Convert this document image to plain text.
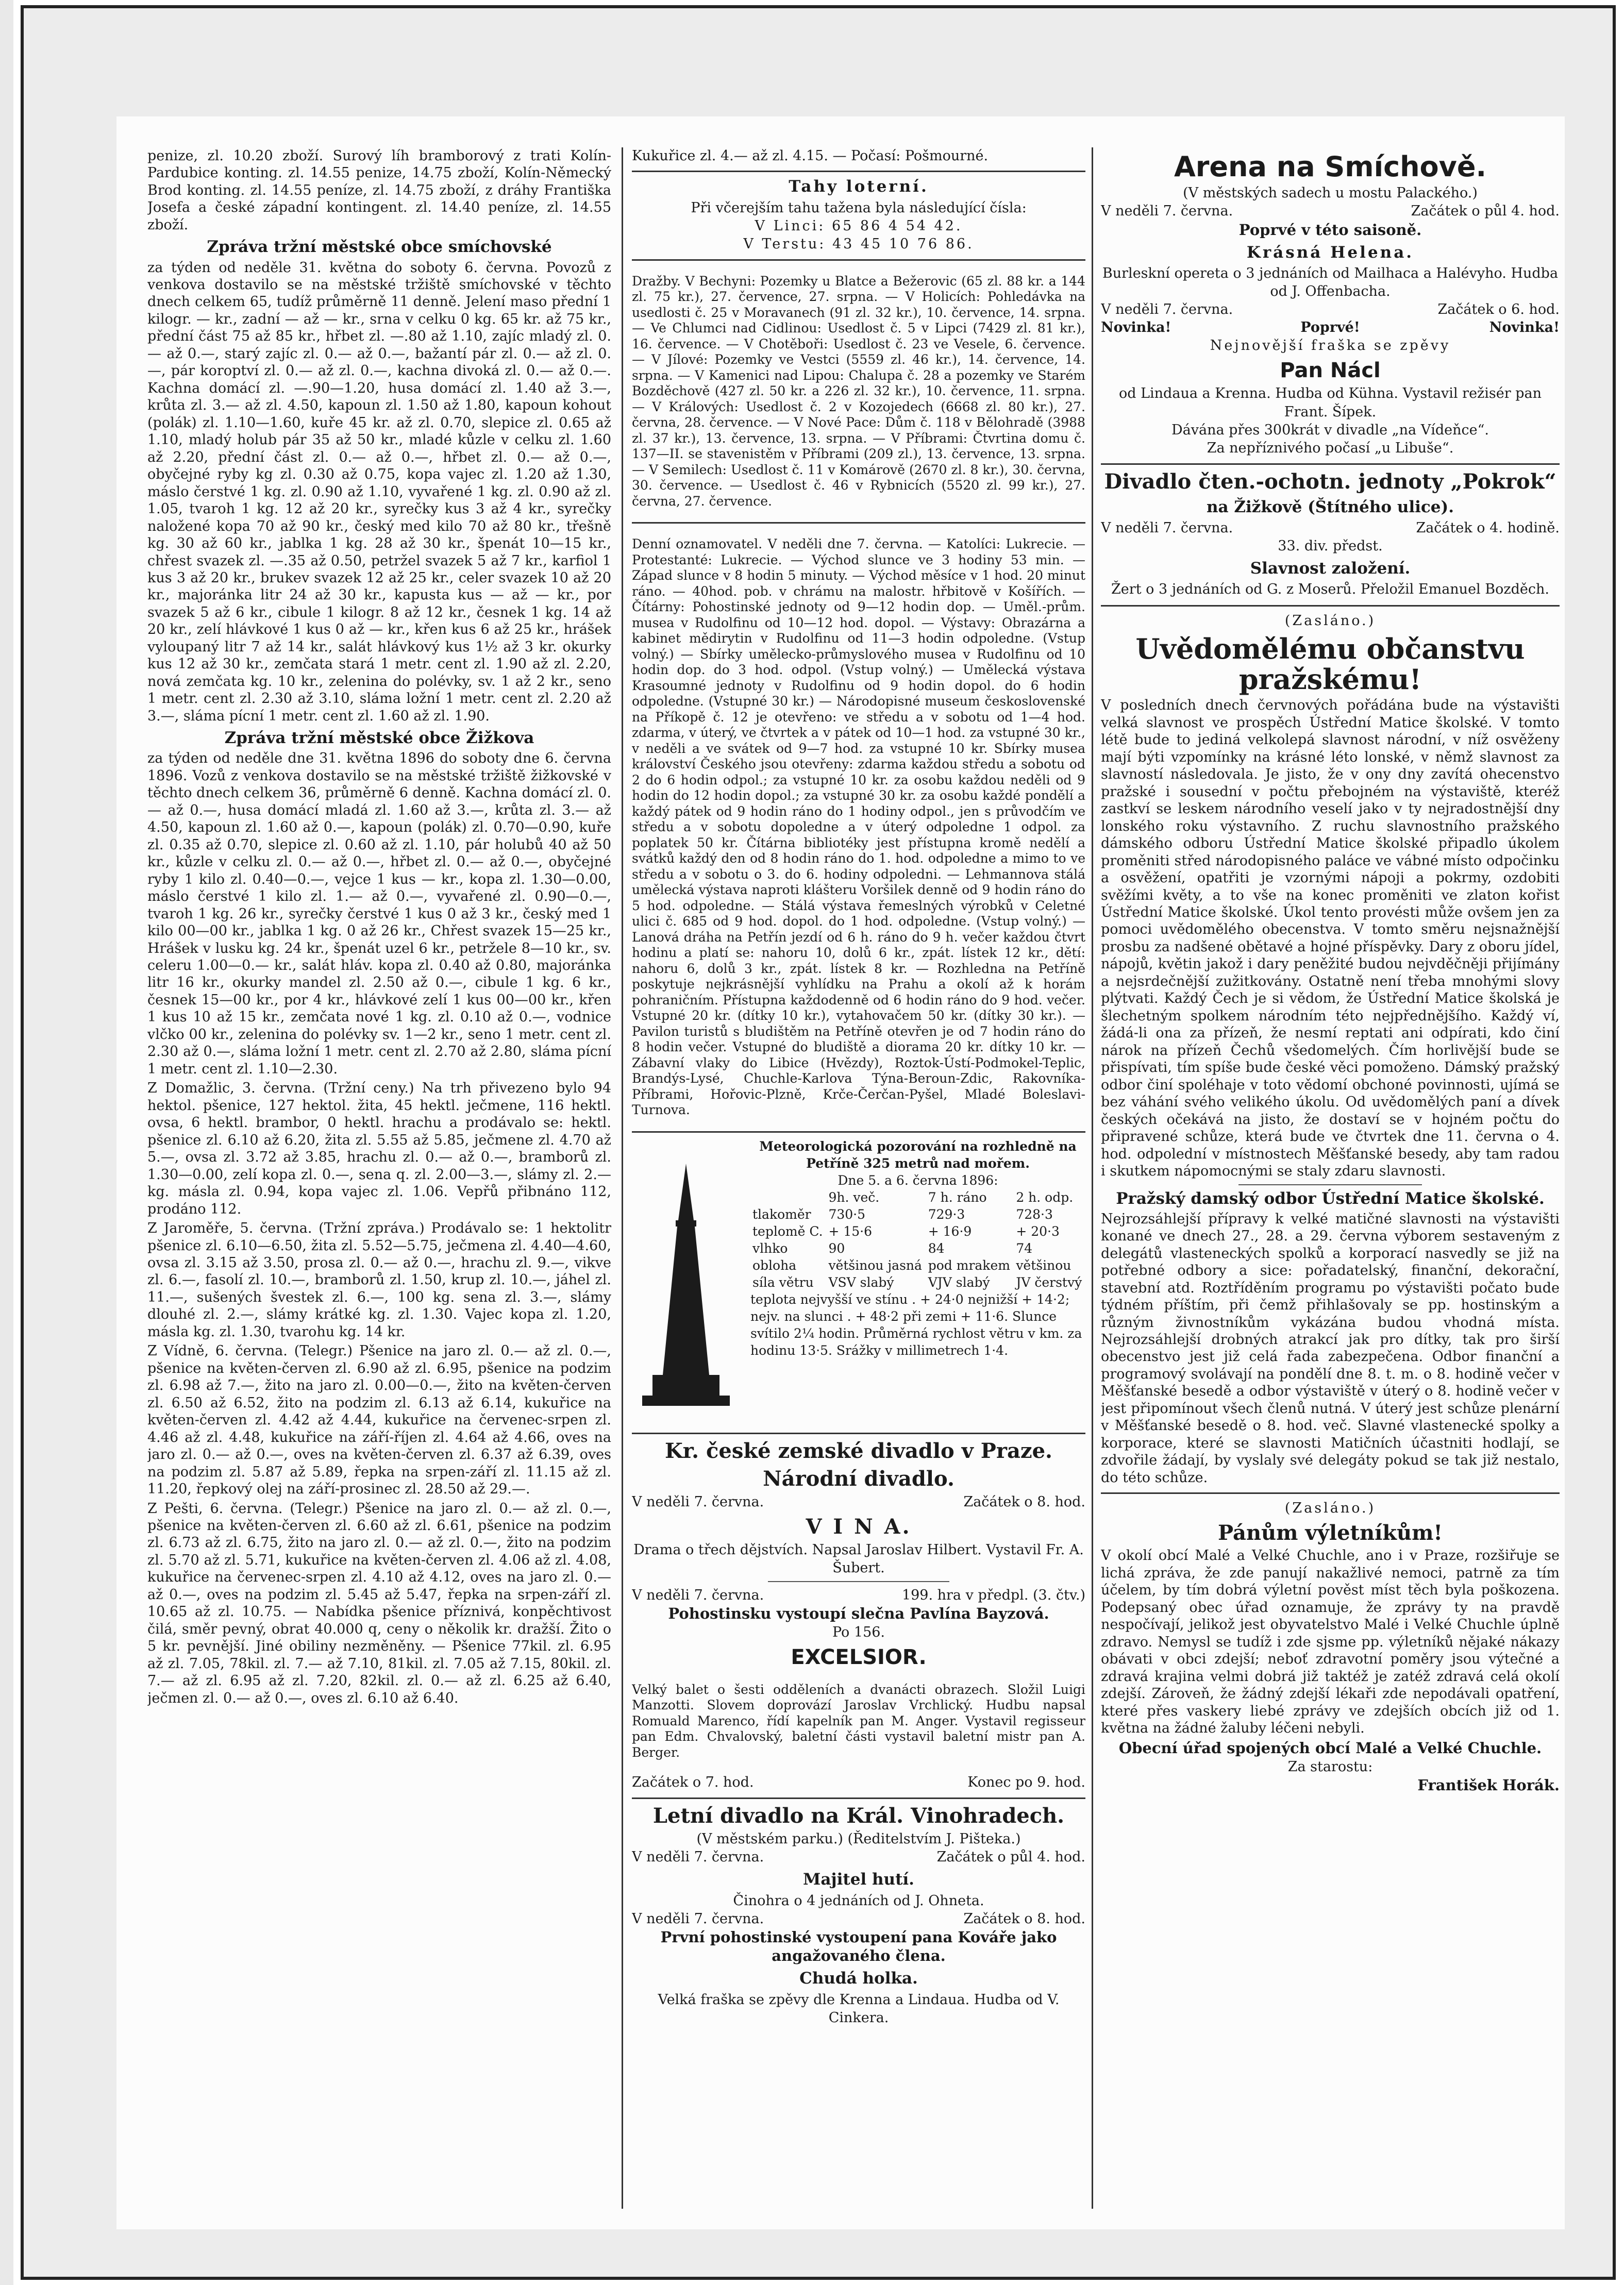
penize, zl. 10.20 zboží. Surový líh bramborový z trati Kolín-Pardubice konting. zl. 14.55 penize, 14.75 zboží, Kolín-Německý Brod konting. zl. 14.55 peníze, zl. 14.75 zboží, z dráhy Františka Josefa a české západní kontingent. zl. 14.40 peníze, zl. 14.55 zboží.

Zpráva tržní městské obce smíchovské

za týden od neděle 31. května do soboty 6. června. Povozů z venkova dostavilo se na městské tržiště smíchovské v těchto dnech celkem 65, tudíž průměrně 11 denně. Jelení maso přední 1 kilogr. — kr., zadní — až — kr., srna v celku 0 kg. 65 kr. až 75 kr., přední část 75 až 85 kr., hřbet zl. —.80 až 1.10, zajíc mladý zl. 0.— až 0.—, starý zajíc zl. 0.— až 0.—, bažantí pár zl. 0.— až zl. 0.—, pár koroptví zl. 0.— až zl. 0.—, kachna divoká zl. 0.— až 0.—. Kachna domácí zl. —.90—1.20, husa domácí zl. 1.40 až 3.—, krůta zl. 3.— až zl. 4.50, kapoun zl. 1.50 až 1.80, kapoun kohout (polák) zl. 1.10—1.60, kuře 45 kr. až zl. 0.70, slepice zl. 0.65 až 1.10, mladý holub pár 35 až 50 kr., mladé kůzle v celku zl. 1.60 až 2.20, přední část zl. 0.— až 0.—, hřbet zl. 0.— až 0.—, obyčejné ryby kg zl. 0.30 až 0.75, kopa vajec zl. 1.20 až 1.30, máslo čerstvé 1 kg. zl. 0.90 až 1.10, vyvařené 1 kg. zl. 0.90 až zl. 1.05, tvaroh 1 kg. 12 až 20 kr., syrečky kus 3 až 4 kr., syrečky naložené kopa 70 až 90 kr., český med kilo 70 až 80 kr., třešně kg. 30 až 60 kr., jablka 1 kg. 28 až 30 kr., špenát 10—15 kr., chřest svazek zl. —.35 až 0.50, petržel svazek 5 až 7 kr., karfiol 1 kus 3 až 20 kr., brukev svazek 12 až 25 kr., celer svazek 10 až 20 kr., majoránka litr 24 až 30 kr., kapusta kus — až — kr., por svazek 5 až 6 kr., cibule 1 kilogr. 8 až 12 kr., česnek 1 kg. 14 až 20 kr., zelí hlávkové 1 kus 0 až — kr., křen kus 6 až 25 kr., hrášek vyloupaný litr 7 až 14 kr., salát hlávkový kus 1½ až 3 kr. okurky kus 12 až 30 kr., zemčata stará 1 metr. cent zl. 1.90 až zl. 2.20, nová zemčata kg. 10 kr., zelenina do polévky, sv. 1 až 2 kr., seno 1 metr. cent zl. 2.30 až 3.10, sláma ložní 1 metr. cent zl. 2.20 až 3.—, sláma pícní 1 metr. cent zl. 1.60 až zl. 1.90.

Zpráva tržní městské obce Žižkova

za týden od neděle dne 31. května 1896 do soboty dne 6. června 1896. Vozů z venkova dostavilo se na městské tržiště žižkovské v těchto dnech celkem 36, průměrně 6 denně. Kachna domácí zl. 0.— až 0.—, husa domácí mladá zl. 1.60 až 3.—, krůta zl. 3.— až 4.50, kapoun zl. 1.60 až 0.—, kapoun (polák) zl. 0.70—0.90, kuře zl. 0.35 až 0.70, slepice zl. 0.60 až zl. 1.10, pár holubů 40 až 50 kr., kůzle v celku zl. 0.— až 0.—, hřbet zl. 0.— až 0.—, obyčejné ryby 1 kilo zl. 0.40—0.—, vejce 1 kus — kr., kopa zl. 1.30—0.00, máslo čerstvé 1 kilo zl. 1.— až 0.—, vyvařené zl. 0.90—0.—, tvaroh 1 kg. 26 kr., syrečky čerstvé 1 kus 0 až 3 kr., český med 1 kilo 00—00 kr., jablka 1 kg. 0 až 26 kr., Chřest svazek 15—25 kr., Hrášek v lusku kg. 24 kr., špenát uzel 6 kr., petržele 8—10 kr., sv. celeru 1.00—0.— kr., salát hláv. kopa zl. 0.40 až 0.80, majoránka litr 16 kr., okurky mandel zl. 2.50 až 0.—, cibule 1 kg. 6 kr., česnek 15—00 kr., por 4 kr., hlávkové zelí 1 kus 00—00 kr., křen 1 kus 10 až 15 kr., zemčata nové 1 kg. zl. 0.10 až 0.—, vodnice vlčko 00 kr., zelenina do polévky sv. 1—2 kr., seno 1 metr. cent zl. 2.30 až 0.—, sláma ložní 1 metr. cent zl. 2.70 až 2.80, sláma pícní 1 metr. cent zl. 1.10—2.30.

Z Domažlic, 3. června. (Tržní ceny.) Na trh přivezeno bylo 94 hektol. pšenice, 127 hektol. žita, 45 hektl. ječmene, 116 hektl. ovsa, 6 hektl. brambor, 0 hektl. hrachu a prodávalo se: hektl. pšenice zl. 6.10 až 6.20, žita zl. 5.55 až 5.85, ječmene zl. 4.70 až 5.—, ovsa zl. 3.72 až 3.85, hrachu zl. 0.— až 0.—, bramborů zl. 1.30—0.00, zelí kopa zl. 0.—, sena q. zl. 2.00—3.—, slámy zl. 2.— kg. másla zl. 0.94, kopa vajec zl. 1.06. Vepřů přibnáno 112, prodáno 112.

Z Jaroměře, 5. června. (Tržní zpráva.) Prodávalo se: 1 hektolitr pšenice zl. 6.10—6.50, žita zl. 5.52—5.75, ječmena zl. 4.40—4.60, ovsa zl. 3.15 až 3.50, prosa zl. 0.— až 0.—, hrachu zl. 9.—, vikve zl. 6.—, fasolí zl. 10.—, bramborů zl. 1.50, krup zl. 10.—, jáhel zl. 11.—, sušených švestek zl. 6.—, 100 kg. sena zl. 3.—, slámy dlouhé zl. 2.—, slámy krátké kg. zl. 1.30. Vajec kopa zl. 1.20, másla kg. zl. 1.30, tvarohu kg. 14 kr.

Z Vídně, 6. června. (Telegr.) Pšenice na jaro zl. 0.— až zl. 0.—, pšenice na květen-červen zl. 6.90 až zl. 6.95, pšenice na podzim zl. 6.98 až 7.—, žito na jaro zl. 0.00—0.—, žito na květen-červen zl. 6.50 až 6.52, žito na podzim zl. 6.13 až 6.14, kukuřice na květen-červen zl. 4.42 až 4.44, kukuřice na červenec-srpen zl. 4.46 až zl. 4.48, kukuřice na září-říjen zl. 4.64 až 4.66, oves na jaro zl. 0.— až 0.—, oves na květen-červen zl. 6.37 až 6.39, oves na podzim zl. 5.87 až 5.89, řepka na srpen-září zl. 11.15 až zl. 11.20, řepkový olej na září-prosinec zl. 28.50 až 29.—.

Z Pešti, 6. června. (Telegr.) Pšenice na jaro zl. 0.— až zl. 0.—, pšenice na květen-červen zl. 6.60 až zl. 6.61, pšenice na podzim zl. 6.73 až zl. 6.75, žito na jaro zl. 0.— až zl. 0.—, žito na podzim zl. 5.70 až zl. 5.71, kukuřice na květen-červen zl. 4.06 až zl. 4.08, kukuřice na červenec-srpen zl. 4.10 až 4.12, oves na jaro zl. 0.— až 0.—, oves na podzim zl. 5.45 až 5.47, řepka na srpen-září zl. 10.65 až zl. 10.75. — Nabídka pšenice příznivá, konpěchtivost čilá, směr pevný, obrat 40.000 q, ceny o několik kr. dražší. Žito o 5 kr. pevnější. Jiné obiliny nezměněny. — Pšenice 77kil. zl. 6.95 až zl. 7.05, 78kil. zl. 7.— až 7.10, 81kil. zl. 7.05 až 7.15, 80kil. zl. 7.— až zl. 6.95 až zl. 7.20, 82kil. zl. 0.— až zl. 6.25 až 6.40, ječmen zl. 0.— až 0.—, oves zl. 6.10 až 6.40.

Kukuřice zl. 4.— až zl. 4.15. — Počasí: Pošmourné.

Tahy loterní.
Při včerejším tahu tažena byla následující čísla:
V Linci: 65 86 4 54 42.
V Terstu: 43 45 10 76 86.

Dražby. V Bechyni: Pozemky u Blatce a Bežerovic (65 zl. 88 kr. a 144 zl. 75 kr.), 27. července, 27. srpna. — V Holicích: Pohledávka na usedlosti č. 25 v Moravanech (91 zl. 32 kr.), 10. července, 14. srpna. — Ve Chlumci nad Cidlinou: Usedlost č. 5 v Lipci (7429 zl. 81 kr.), 16. července. — V Chotěboři: Usedlost č. 23 ve Vesele, 6. července. — V Jílové: Pozemky ve Vestci (5559 zl. 46 kr.), 14. července, 14. srpna. — V Kamenici nad Lipou: Chalupa č. 28 a pozemky ve Starém Bozděchově (427 zl. 50 kr. a 226 zl. 32 kr.), 10. července, 11. srpna. — V Králových: Usedlost č. 2 v Kozojedech (6668 zl. 80 kr.), 27. června, 28. července. — V Nové Pace: Dům č. 118 v Bělohradě (3988 zl. 37 kr.), 13. července, 13. srpna. — V Příbrami: Čtvrtina domu č. 137—II. se stavenistěm v Příbrami (209 zl.), 13. července, 13. srpna. — V Semilech: Usedlost č. 11 v Komárově (2670 zl. 8 kr.), 30. června, 30. července. — Usedlost č. 46 v Rybnicích (5520 zl. 99 kr.), 27. června, 27. července.

Denní oznamovatel. V neděli dne 7. června. — Katolíci: Lukrecie. — Protestanté: Lukrecie. — Východ slunce ve 3 hodiny 53 min. — Západ slunce v 8 hodin 5 minuty. — Východ měsíce v 1 hod. 20 minut ráno. — 40hod. pob. v chrámu na malostr. hřbitově v Košířích. — Čítárny: Pohostinské jednoty od 9—12 hodin dop. — Uměl.-prům. musea v Rudolfinu od 10—12 hod. dopol. — Výstavy: Obrazárna a kabinet mědirytin v Rudolfinu od 11—3 hodin odpoledne. (Vstup volný.) — Sbírky umělecko-průmyslového musea v Rudolfinu od 10 hodin dop. do 3 hod. odpol. (Vstup volný.) — Umělecká výstava Krasoumné jednoty v Rudolfinu od 9 hodin dopol. do 6 hodin odpoledne. (Vstupné 30 kr.) — Národopisné museum československé na Příkopě č. 12 je otevřeno: ve středu a v sobotu od 1—4 hod. zdarma, v úterý, ve čtvrtek a v pátek od 10—1 hod. za vstupné 30 kr., v neděli a ve svátek od 9—7 hod. za vstupné 10 kr. Sbírky musea království Českého jsou otevřeny: zdarma každou středu a sobotu od 2 do 6 hodin odpol.; za vstupné 10 kr. za osobu každou neděli od 9 hodin do 12 hodin dopol.; za vstupné 30 kr. za osobu každé pondělí a každý pátek od 9 hodin ráno do 1 hodiny odpol., jen s průvodčím ve středu a v sobotu dopoledne a v úterý odpoledne 1 odpol. za poplatek 50 kr. Čítárna bibliotéky jest přístupna kromě nedělí a svátků každý den od 8 hodin ráno do 1. hod. odpoledne a mimo to ve středu a v sobotu o 3. do 6. hodiny odpoledni. — Lehmannova stálá umělecká výstava naproti klášteru Voršilek denně od 9 hodin ráno do 5 hod. odpoledne. — Stálá výstava řemeslných výrobků v Celetné ulici č. 685 od 9 hod. dopol. do 1 hod. odpoledne. (Vstup volný.) — Lanová dráha na Petřín jezdí od 6 h. ráno do 9 h. večer každou čtvrt hodinu a platí se: nahoru 10, dolů 6 kr., zpát. lístek 12 kr., dětí: nahoru 6, dolů 3 kr., zpát. lístek 8 kr. — Rozhledna na Petříně poskytuje nejkrásnější vyhlídku na Prahu a okolí až k horám pohraničním. Přístupna každodenně od 6 hodin ráno do 9 hod. večer. Vstupné 20 kr. (dítky 10 kr.), vytahovačem 50 kr. (dítky 30 kr.). — Pavilon turistů s bludištěm na Petříně otevřen je od 7 hodin ráno do 8 hodin večer. Vstupné do bludiště a diorama 20 kr. dítky 10 kr. — Zábavní vlaky do Libice (Hvězdy), Roztok-Ústí-Podmokel-Teplic, Brandýs-Lysé, Chuchle-Karlova Týna-Beroun-Zdic, Rakovníka-Příbrami, Hořovic-Plzně, Krče-Čerčan-Pyšel, Mladé Boleslavi-Turnova.

Meteorologická pozorování na rozhledně na Petříně 325 metrů nad mořem.
Dne 5. a 6. června 1896:
	9h. več.	7 h. ráno	2 h. odp.
tlakoměr	730·5	729·3	728·3
teplomě C.	+ 15·6	+ 16·9	+ 20·3
vlhko	90	84	74
obloha	většinou jasná	pod mrakem	většinou
síla větru	VSV slabý	VJV slabý	JV čerstvý
teplota nejvyšší ve stínu . + 24·0 nejnižší + 14·2; nejv. na slunci . + 48·2 při zemi + 11·6. Slunce svítilo 2¼ hodin. Průměrná rychlost větru v km. za hodinu 13·5. Srážky v millimetrech 1·4.
Kr. české zemské divadlo v Praze.
Národní divadlo.
V neděli 7. června.	Začátek o 8. hod.
V I N A.
Drama o třech dějstvích. Napsal Jaroslav Hilbert. Vystavil Fr. A. Šubert.
V neděli 7. června.	199. hra v předpl. (3. čtv.)
Pohostinsku vystoupí slečna Pavlína Bayzová.
Po 156.
EXCELSIOR.

Velký balet o šesti odděleních a dvanácti obrazech. Složil Luigi Manzotti. Slovem doprovází Jaroslav Vrchlický. Hudbu napsal Romuald Marenco, řídí kapelník pan M. Anger. Vystavil regisseur pan Edm. Chvalovský, baletní části vystavil baletní mistr pan A. Berger.

Začátek o 7. hod.	Konec po 9. hod.
Letní divadlo na Král. Vinohradech.
(V městském parku.) (Ředitelstvím J. Pišteka.)
V neděli 7. června.	Začátek o půl 4. hod.
Majitel hutí.
Činohra o 4 jednáních od J. Ohneta.
V neděli 7. června.	Začátek o 8. hod.
První pohostinské vystoupení pana Kováře jako angažovaného člena.
Chudá holka.
Velká fraška se zpěvy dle Krenna a Lindaua. Hudba od V. Cinkera.
Arena na Smíchově.
(V městských sadech u mostu Palackého.)
V neděli 7. června.	Začátek o půl 4. hod.
Poprvé v této saisoně.
Krásná Helena.
Burleskní opereta o 3 jednáních od Mailhaca a Halévyho. Hudba od J. Offenbacha.
V neděli 7. června.	Začátek o 6. hod.
Novinka!	Poprvé!	Novinka!
Nejnovější fraška se zpěvy
Pan Nácl
od Lindaua a Krenna. Hudba od Kühna. Vystavil režisér pan Frant. Šípek.
Dávána přes 300krát v divadle „na Vídeňce“.
Za nepříznivého počasí „u Libuše“.
Divadlo čten.-ochotn. jednoty „Pokrok“
na Žižkově (Štítného ulice).
V neděli 7. června.	Začátek o 4. hodině.
33. div. předst.
Slavnost založení.
Žert o 3 jednáních od G. z Moserů. Přeložil Emanuel Bozděch.
(Zasláno.)
Uvědomělému občanstvu pražskému!

V posledních dnech červnových pořádána bude na výstavišti velká slavnost ve prospěch Ústřední Matice školské. V tomto létě bude to jediná velkolepá slavnost národní, v níž osvěženy mají býti vzpomínky na krásné léto lonské, v němž slavnost za slavností následovala. Je jisto, že v ony dny zavítá ohecenstvo pražské i sousední v počtu přebojném na výstaviště, kteréž zastkví se leskem národního veselí jako v ty nejradostnější dny lonského roku výstavního. Z ruchu slavnostního pražského dámského odboru Ústřední Matice školské připadlo úkolem proměniti střed národopisného paláce ve vábné místo odpočinku a osvěžení, opatřiti je vzornými nápoji a pokrmy, ozdobiti svěžími květy, a to vše na konec proměniti ve zlaton kořist Ústřední Matice školské. Úkol tento provésti může ovšem jen za pomoci uvědomělého obecenstva. V tomto směru nejsnažnější prosbu za nadšené obětavé a hojné příspěvky. Dary z oboru jídel, nápojů, květin jakož i dary peněžité budou nejvděčněji přijímány a nejsrdečnější zužitkovány. Ostatně není třeba mnohými slovy plýtvati. Každý Čech je si vědom, že Ústřední Matice školská je šlechetným spolkem národním této nejpřednějšího. Každý ví, žádá-li ona za přízeň, že nesmí reptati ani odpírati, kdo činí nárok na přízeň Čechů všedomelých. Čím horlivější bude se přispívati, tím spíše bude české věci pomoženo. Dámský pražský odbor činí spoléhaje v toto vědomí obchoné povinnosti, ujímá se bez váhání svého velikého úkolu. Od uvědomělých paní a dívek českých očekává na jisto, že dostaví se v hojném počtu do připravené schůze, která bude ve čtvrtek dne 11. června o 4. hod. odpolední v místnostech Měšťanské besedy, aby tam radou i skutkem nápomocnými se staly zdaru slavnosti.

Pražský damský odbor Ústřední Matice školské.

Nejrozsáhlejší přípravy k velké matičné slavnosti na výstavišti konané ve dnech 27., 28. a 29. června výborem sestaveným z delegátů vlasteneckých spolků a korporací nasvedly se již na potřebné odbory a sice: pořadatelský, finanční, dekorační, stavební atd. Roztříděním programu po výstavišti počato bude týdném příštím, při čemž přihlašovaly se pp. hostinským a různým živnostníkům vykázána budou vhodná místa. Nejrozsáhlejší drobných atrakcí jak pro dítky, tak pro širší obecenstvo jest již celá řada zabezpečena. Odbor finanční a programový svolávají na pondělí dne 8. t. m. o 8. hodině večer v Měšťanské besedě a odbor výstaviště v úterý o 8. hodině večer v jest připomínout všech členů nutná. V úterý jest schůze plenární v Měšťanské besedě o 8. hod. več. Slavné vlastenecké spolky a korporace, které se slavnosti Matičních účastniti hodlají, se zdvořile žádají, by vyslaly své delegáty pokud se tak již nestalo, do této schůze.

(Zasláno.)
Pánům výletníkům!

V okolí obcí Malé a Velké Chuchle, ano i v Praze, rozšiřuje se lichá zpráva, že zde panují nakažlivé nemoci, patrně za tím účelem, by tím dobrá výletní pověst míst těch byla poškozena. Podepsaný obec úřad oznamuje, že zprávy ty na pravdě nespočívají, jelikož jest obyvatelstvo Malé i Velké Chuchle úplně zdravo. Nemysl se tudíž i zde sjsme pp. výletníků nějaké nákazy obávati v obci zdejší; neboť zdravotní poměry jsou výtečné a zdravá krajina velmi dobrá již taktéž je zatéž zdravá celá okolí zdejší. Zároveň, že žádný zdejší lékaři zde nepodávali opatření, které přes vaskery liebé zprávy ve zdejších obcích již od 1. května na žádné žaluby léčeni nebyli.

Obecní úřad spojených obcí Malé a Velké Chuchle.
Za starostu:
František Horák.
